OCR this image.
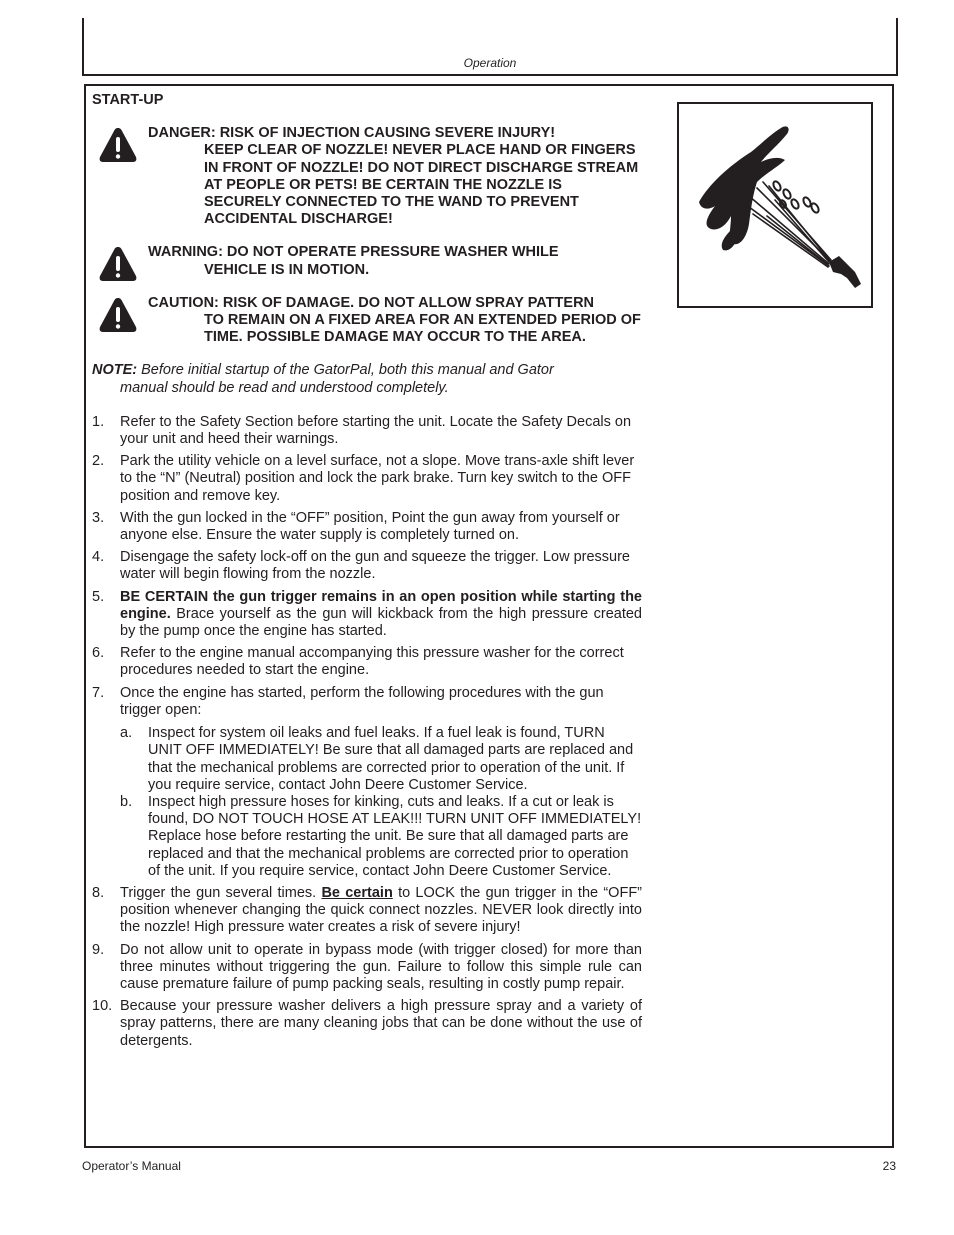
Operation
START-UP
DANGER: RISK OF INJECTION CAUSING SEVERE INJURY!
KEEP CLEAR OF NOZZLE! NEVER PLACE HAND OR FINGERS IN FRONT OF NOZZLE! DO NOT DIRECT DISCHARGE STREAM AT PEOPLE OR PETS! BE CERTAIN THE NOZZLE IS SECURELY CONNECTED TO THE WAND TO PREVENT ACCIDENTAL DISCHARGE!
WARNING: DO NOT OPERATE PRESSURE WASHER WHILE
VEHICLE IS IN MOTION.
CAUTION: RISK OF DAMAGE. DO NOT ALLOW SPRAY PATTERN
TO REMAIN ON A FIXED AREA FOR AN EXTENDED PERIOD OF TIME. POSSIBLE DAMAGE MAY OCCUR TO THE AREA.
NOTE: Before initial startup of the GatorPal, both this manual and Gator
manual should be read and understood completely.
1. Refer to the Safety Section before starting the unit. Locate the Safety Decals on your unit and heed their warnings.
2. Park the utility vehicle on a level surface, not a slope. Move trans-axle shift lever to the “N” (Neutral) position and lock the park brake. Turn key switch to the OFF position and remove key.
3. With the gun locked in the “OFF” position, Point the gun away from yourself or anyone else. Ensure the water supply is completely turned on.
4. Disengage the safety lock-off on the gun and squeeze the trigger. Low pressure water will begin flowing from the nozzle.
5. BE CERTAIN the gun trigger remains in an open position while starting the engine. Brace yourself as the gun will kickback from the high pressure created by the pump once the engine has started.
6. Refer to the engine manual accompanying this pressure washer for the correct procedures needed to start the engine.
7. Once the engine has started, perform the following procedures with the gun trigger open:
a. Inspect for system oil leaks and fuel leaks. If a fuel leak is found, TURN UNIT OFF IMMEDIATELY! Be sure that all damaged parts are replaced and that the mechanical problems are corrected prior to operation of the unit. If you require service, contact John Deere Customer Service.
b. Inspect high pressure hoses for kinking, cuts and leaks. If a cut or leak is found, DO NOT TOUCH HOSE AT LEAK!!! TURN UNIT OFF IMMEDIATELY! Replace hose before restarting the unit. Be sure that all damaged parts are replaced and that the mechanical problems are corrected prior to operation of the unit. If you require service, contact John Deere Customer Service.
8. Trigger the gun several times. Be certain to LOCK the gun trigger in the “OFF” position whenever changing the quick connect nozzles. NEVER look directly into the nozzle! High pressure water creates a risk of severe injury!
9. Do not allow unit to operate in bypass mode (with trigger closed) for more than three minutes without triggering the gun. Failure to follow this simple rule can cause premature failure of pump packing seals, resulting in costly pump repair.
10. Because your pressure washer delivers a high pressure spray and a variety of spray patterns, there are many cleaning jobs that can be done without the use of detergents.
Operator’s Manual	23
